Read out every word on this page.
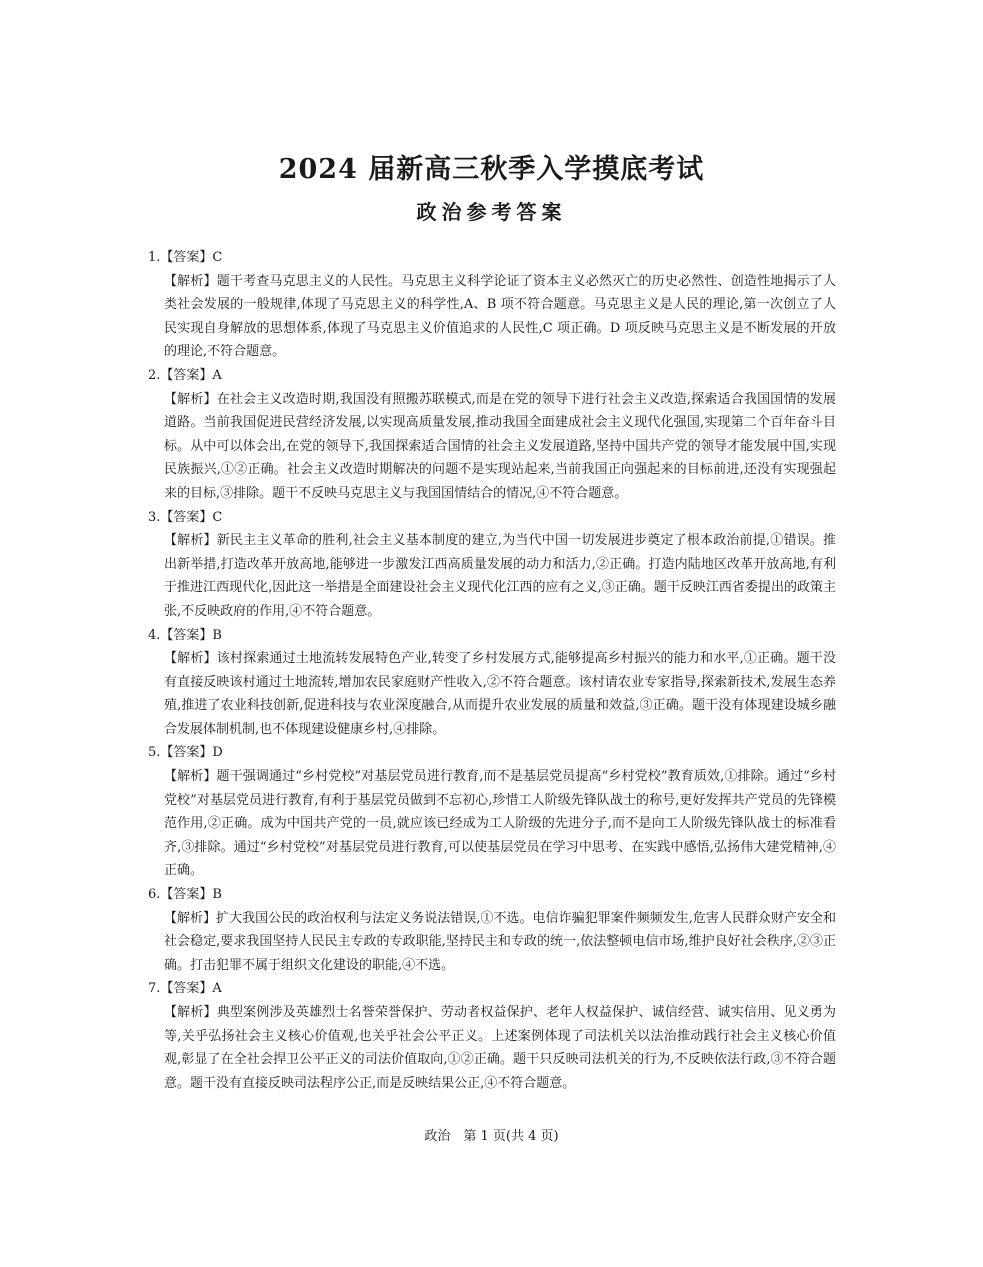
2024 届新高三秋季入学摸底考试
政治参考答案

1.【答案】C

【解析】题干考查马克思主义的人民性。马克思主义科学论证了资本主义必然灭亡的历史必然性、创造性地揭示了人类社会发展的一般规律,体现了马克思主义的科学性,A、B 项不符合题意。马克思主义是人民的理论,第一次创立了人民实现自身解放的思想体系,体现了马克思主义价值追求的人民性,C 项正确。D 项反映马克思主义是不断发展的开放的理论,不符合题意。

2.【答案】A

【解析】在社会主义改造时期,我国没有照搬苏联模式,而是在党的领导下进行社会主义改造,探索适合我国国情的发展道路。当前我国促进民营经济发展,以实现高质量发展,推动我国全面建成社会主义现代化强国,实现第二个百年奋斗目标。从中可以体会出,在党的领导下,我国探索适合国情的社会主义发展道路,坚持中国共产党的领导才能发展中国,实现民族振兴,①②正确。社会主义改造时期解决的问题不是实现站起来,当前我国正向强起来的目标前进,还没有实现强起来的目标,③排除。题干不反映马克思主义与我国国情结合的情况,④不符合题意。

3.【答案】C

【解析】新民主主义革命的胜利,社会主义基本制度的建立,为当代中国一切发展进步奠定了根本政治前提,①错误。推出新举措,打造改革开放高地,能够进一步激发江西高质量发展的动力和活力,②正确。打造内陆地区改革开放高地,有利于推进江西现代化,因此这一举措是全面建设社会主义现代化江西的应有之义,③正确。题干反映江西省委提出的政策主张,不反映政府的作用,④不符合题意。

4.【答案】B

【解析】该村探索通过土地流转发展特色产业,转变了乡村发展方式,能够提高乡村振兴的能力和水平,①正确。题干没有直接反映该村通过土地流转,增加农民家庭财产性收入,②不符合题意。该村请农业专家指导,探索新技术,发展生态养殖,推进了农业科技创新,促进科技与农业深度融合,从而提升农业发展的质量和效益,③正确。题干没有体现建设城乡融合发展体制机制,也不体现建设健康乡村,④排除。

5.【答案】D

【解析】题干强调通过“乡村党校”对基层党员进行教育,而不是基层党员提高“乡村党校”教育质效,①排除。通过“乡村党校”对基层党员进行教育,有利于基层党员做到不忘初心,珍惜工人阶级先锋队战士的称号,更好发挥共产党员的先锋模范作用,②正确。成为中国共产党的一员,就应该已经成为工人阶级的先进分子,而不是向工人阶级先锋队战士的标准看齐,③排除。通过“乡村党校”对基层党员进行教育,可以使基层党员在学习中思考、在实践中感悟,弘扬伟大建党精神,④正确。

6.【答案】B

【解析】扩大我国公民的政治权利与法定义务说法错误,①不选。电信诈骗犯罪案件频频发生,危害人民群众财产安全和社会稳定,要求我国坚持人民民主专政的专政职能,坚持民主和专政的统一,依法整顿电信市场,维护良好社会秩序,②③正确。打击犯罪不属于组织文化建设的职能,④不选。

7.【答案】A

【解析】典型案例涉及英雄烈士名誉荣誉保护、劳动者权益保护、老年人权益保护、诚信经营、诚实信用、见义勇为等,关乎弘扬社会主义核心价值观,也关乎社会公平正义。上述案例体现了司法机关以法治推动践行社会主义核心价值观,彰显了在全社会捍卫公平正义的司法价值取向,①②正确。题干只反映司法机关的行为,不反映依法行政,③不符合题意。题干没有直接反映司法程序公正,而是反映结果公正,④不符合题意。

政治　第 1 页(共 4 页)
